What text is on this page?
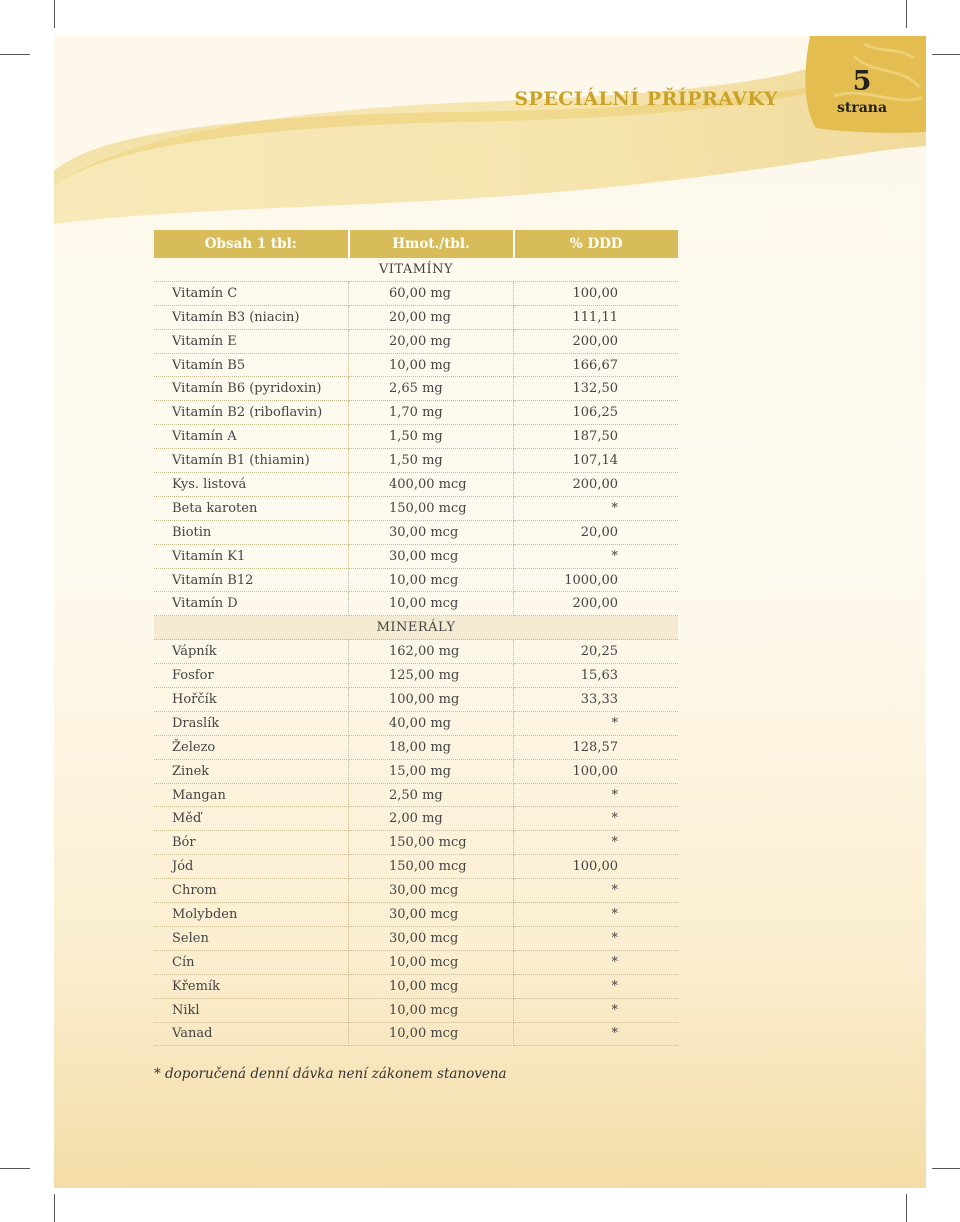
SPECIÁLNÍ PŘÍPRAVKY
5
strana
Obsah 1 tbl:	Hmot./tbl.	% DDD
VITAMÍNY		
Vitamín C	60,00 mg	100,00
Vitamín B3 (niacin)	20,00 mg	111,11
Vitamín E	20,00 mg	200,00
Vitamín B5	10,00 mg	166,67
Vitamín B6 (pyridoxin)	2,65 mg	132,50
Vitamín B2 (riboflavin)	1,70 mg	106,25
Vitamín A	1,50 mg	187,50
Vitamín B1 (thiamin)	1,50 mg	107,14
Kys. listová	400,00 mcg	200,00
Beta karoten	150,00 mcg	*
Biotin	30,00 mcg	20,00
Vitamín K1	30,00 mcg	*
Vitamín B12	10,00 mcg	1000,00
Vitamín D	10,00 mcg	200,00
MINERÁLY		
Vápník	162,00 mg	20,25
Fosfor	125,00 mg	15,63
Hořčík	100,00 mg	33,33
Draslík	40,00 mg	*
Železo	18,00 mg	128,57
Zinek	15,00 mg	100,00
Mangan	2,50 mg	*
Měď	2,00 mg	*
Bór	150,00 mcg	*
Jód	150,00 mcg	100,00
Chrom	30,00 mcg	*
Molybden	30,00 mcg	*
Selen	30,00 mcg	*
Cín	10,00 mcg	*
Křemík	10,00 mcg	*
Nikl	10,00 mcg	*
Vanad	10,00 mcg	*

* doporučená denní dávka není zákonem stanovena
